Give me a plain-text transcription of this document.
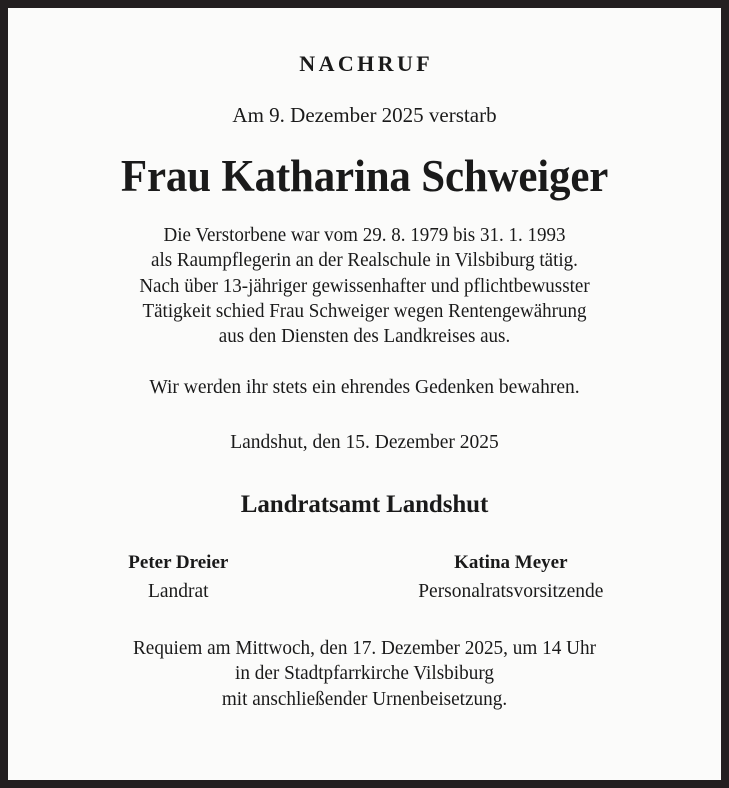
NACHRUF
Am 9. Dezember 2025 verstarb
Frau Katharina Schweiger
Die Verstorbene war vom 29. 8. 1979 bis 31. 1. 1993
als Raumpflegerin an der Realschule in Vilsbiburg tätig.
Nach über 13-jähriger gewissenhafter und pflichtbewusster
Tätigkeit schied Frau Schweiger wegen Rentengewährung
aus den Diensten des Landkreises aus.
Wir werden ihr stets ein ehrendes Gedenken bewahren.
Landshut, den 15. Dezember 2025
Landratsamt Landshut
Peter Dreier
Landrat
Katina Meyer
Personalratsvorsitzende
Requiem am Mittwoch, den 17. Dezember 2025, um 14 Uhr
in der Stadtpfarrkirche Vilsbiburg
mit anschließender Urnenbeisetzung.
